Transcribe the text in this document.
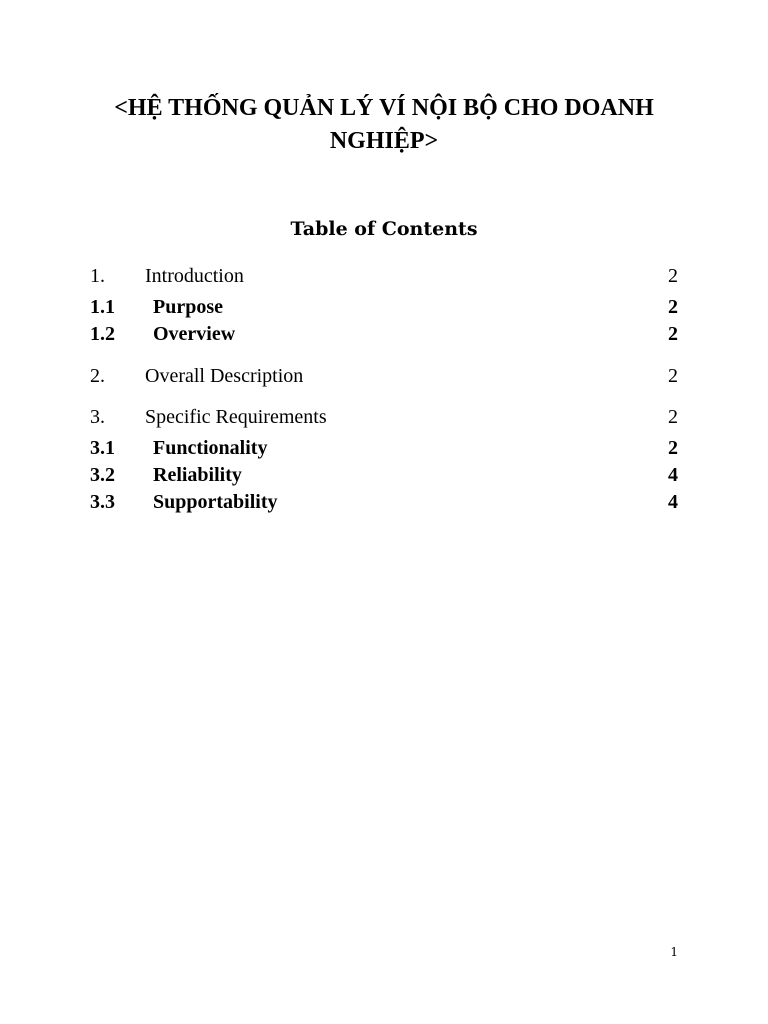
<HỆ THỐNG QUẢN LÝ VÍ NỘI BỘ CHO DOANH NGHIỆP>
Table of Contents
1. Introduction	2
1.1 Purpose	2
1.2 Overview	2
2. Overall Description	2
3. Specific Requirements	2
3.1 Functionality	2
3.2 Reliability	4
3.3 Supportability	4
1
